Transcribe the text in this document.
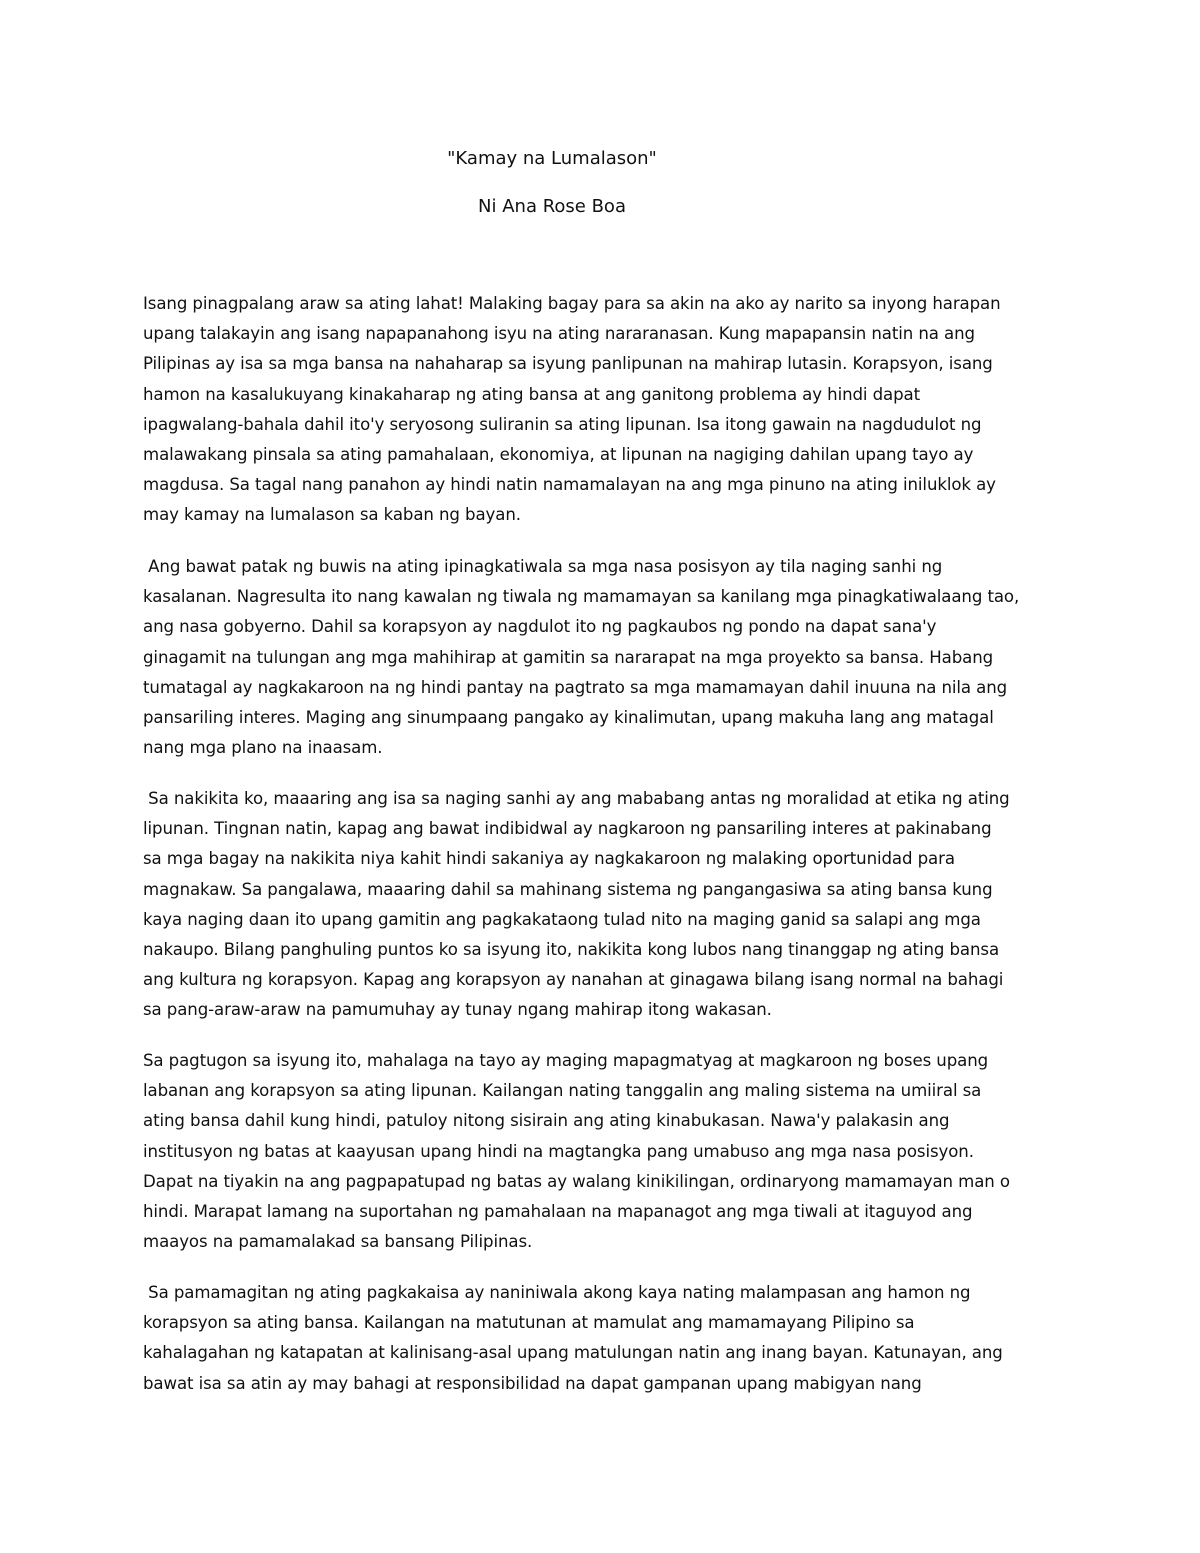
"Kamay na Lumalason"
Ni Ana Rose Boa
Isang pinagpalang araw sa ating lahat! Malaking bagay para sa akin na ako ay narito sa inyong harapan
upang talakayin ang isang napapanahong isyu na ating nararanasan. Kung mapapansin natin na ang
Pilipinas ay isa sa mga bansa na nahaharap sa isyung panlipunan na mahirap lutasin. Korapsyon, isang
hamon na kasalukuyang kinakaharap ng ating bansa at ang ganitong problema ay hindi dapat
ipagwalang-bahala dahil ito'y seryosong suliranin sa ating lipunan. Isa itong gawain na nagdudulot ng
malawakang pinsala sa ating pamahalaan, ekonomiya, at lipunan na nagiging dahilan upang tayo ay
magdusa. Sa tagal nang panahon ay hindi natin namamalayan na ang mga pinuno na ating iniluklok ay
may kamay na lumalason sa kaban ng bayan.
Ang bawat patak ng buwis na ating ipinagkatiwala sa mga nasa posisyon ay tila naging sanhi ng
kasalanan. Nagresulta ito nang kawalan ng tiwala ng mamamayan sa kanilang mga pinagkatiwalaang tao,
ang nasa gobyerno. Dahil sa korapsyon ay nagdulot ito ng pagkaubos ng pondo na dapat sana'y
ginagamit na tulungan ang mga mahihirap at gamitin sa nararapat na mga proyekto sa bansa. Habang
tumatagal ay nagkakaroon na ng hindi pantay na pagtrato sa mga mamamayan dahil inuuna na nila ang
pansariling interes. Maging ang sinumpaang pangako ay kinalimutan, upang makuha lang ang matagal
nang mga plano na inaasam.
Sa nakikita ko, maaaring ang isa sa naging sanhi ay ang mababang antas ng moralidad at etika ng ating
lipunan. Tingnan natin, kapag ang bawat indibidwal ay nagkaroon ng pansariling interes at pakinabang
sa mga bagay na nakikita niya kahit hindi sakaniya ay nagkakaroon ng malaking oportunidad para
magnakaw. Sa pangalawa, maaaring dahil sa mahinang sistema ng pangangasiwa sa ating bansa kung
kaya naging daan ito upang gamitin ang pagkakataong tulad nito na maging ganid sa salapi ang mga
nakaupo. Bilang panghuling puntos ko sa isyung ito, nakikita kong lubos nang tinanggap ng ating bansa
ang kultura ng korapsyon. Kapag ang korapsyon ay nanahan at ginagawa bilang isang normal na bahagi
sa pang-araw-araw na pamumuhay ay tunay ngang mahirap itong wakasan.
Sa pagtugon sa isyung ito, mahalaga na tayo ay maging mapagmatyag at magkaroon ng boses upang
labanan ang korapsyon sa ating lipunan. Kailangan nating tanggalin ang maling sistema na umiiral sa
ating bansa dahil kung hindi, patuloy nitong sisirain ang ating kinabukasan. Nawa'y palakasin ang
institusyon ng batas at kaayusan upang hindi na magtangka pang umabuso ang mga nasa posisyon.
Dapat na tiyakin na ang pagpapatupad ng batas ay walang kinikilingan, ordinaryong mamamayan man o
hindi. Marapat lamang na suportahan ng pamahalaan na mapanagot ang mga tiwali at itaguyod ang
maayos na pamamalakad sa bansang Pilipinas.
Sa pamamagitan ng ating pagkakaisa ay naniniwala akong kaya nating malampasan ang hamon ng
korapsyon sa ating bansa. Kailangan na matutunan at mamulat ang mamamayang Pilipino sa
kahalagahan ng katapatan at kalinisang-asal upang matulungan natin ang inang bayan. Katunayan, ang
bawat isa sa atin ay may bahagi at responsibilidad na dapat gampanan upang mabigyan nang
